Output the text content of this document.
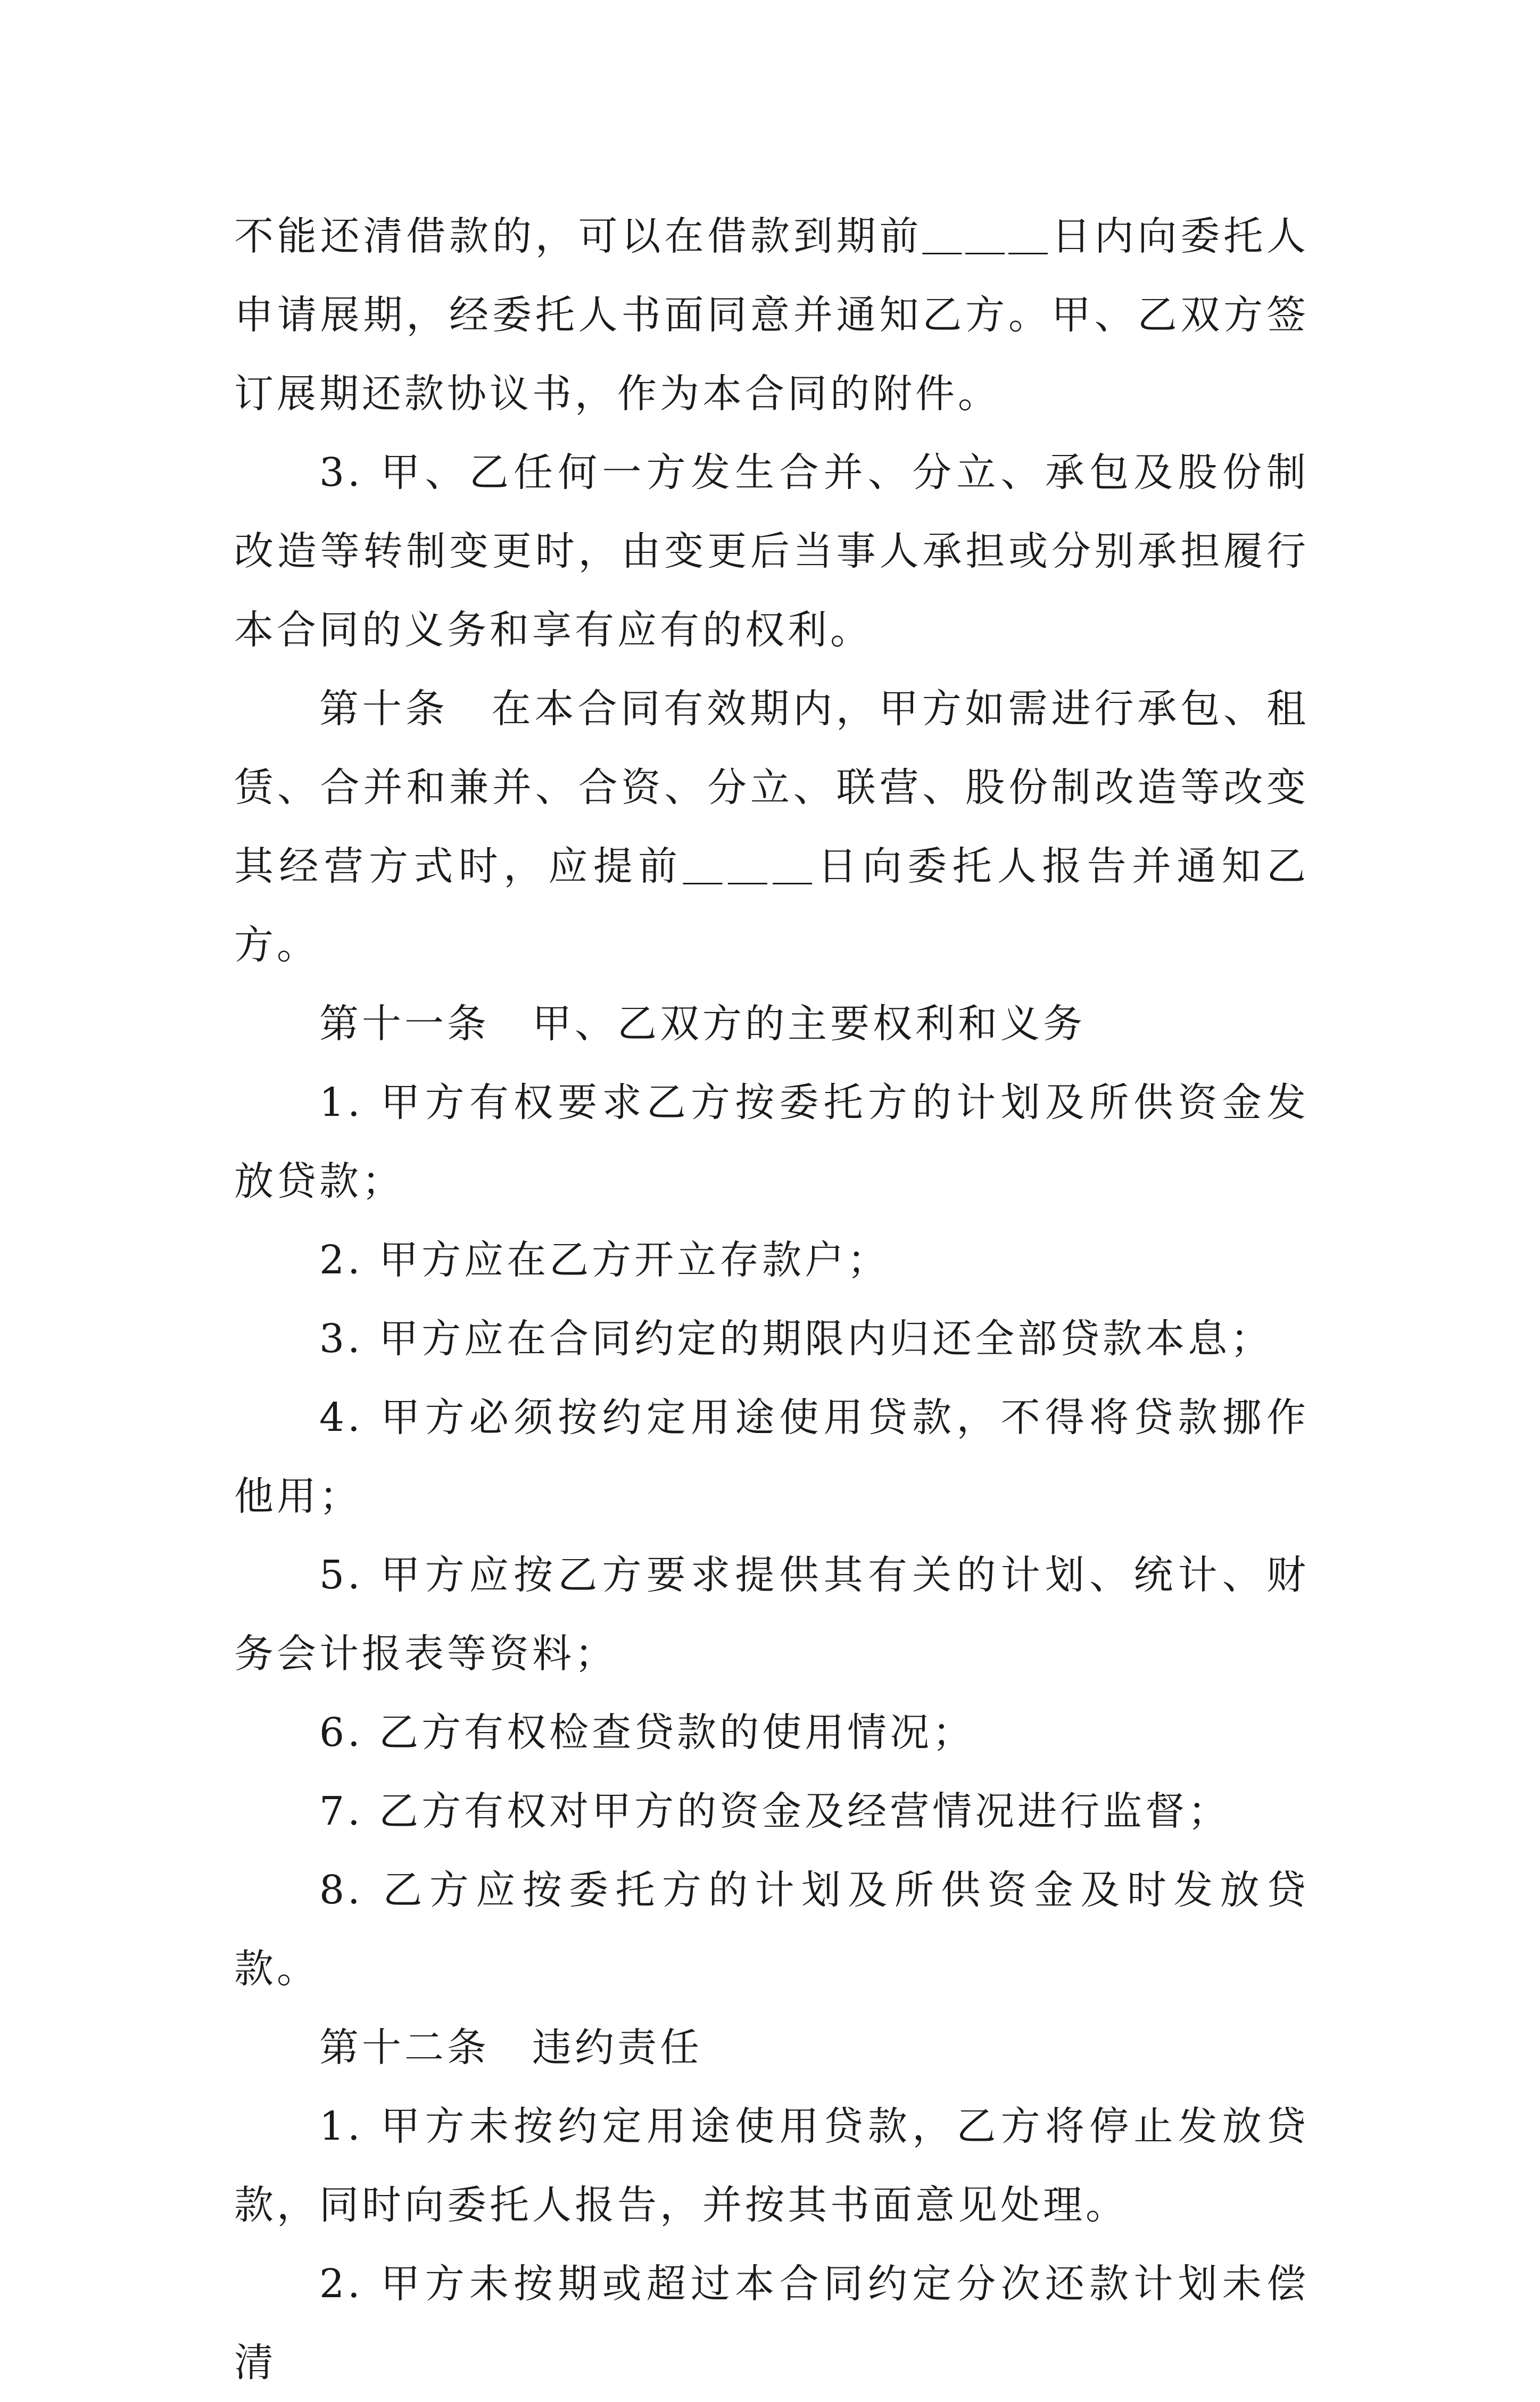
不能还清借款的，可以在借款到期前＿＿＿日内向委托人申请展期，经委托人书面同意并通知乙方。甲、乙双方签订展期还款协议书，作为本合同的附件。

3. 甲、乙任何一方发生合并、分立、承包及股份制改造等转制变更时，由变更后当事人承担或分别承担履行本合同的义务和享有应有的权利。

第十条　在本合同有效期内，甲方如需进行承包、租赁、合并和兼并、合资、分立、联营、股份制改造等改变其经营方式时，应提前＿＿＿日向委托人报告并通知乙方。

第十一条　甲、乙双方的主要权利和义务

1. 甲方有权要求乙方按委托方的计划及所供资金发放贷款；

2. 甲方应在乙方开立存款户；

3. 甲方应在合同约定的期限内归还全部贷款本息；

4. 甲方必须按约定用途使用贷款，不得将贷款挪作他用；

5. 甲方应按乙方要求提供其有关的计划、统计、财务会计报表等资料；

6. 乙方有权检查贷款的使用情况；

7. 乙方有权对甲方的资金及经营情况进行监督；

8. 乙方应按委托方的计划及所供资金及时发放贷款。

第十二条　违约责任

1. 甲方未按约定用途使用贷款，乙方将停止发放贷款，同时向委托人报告，并按其书面意见处理。

2. 甲方未按期或超过本合同约定分次还款计划未偿清
